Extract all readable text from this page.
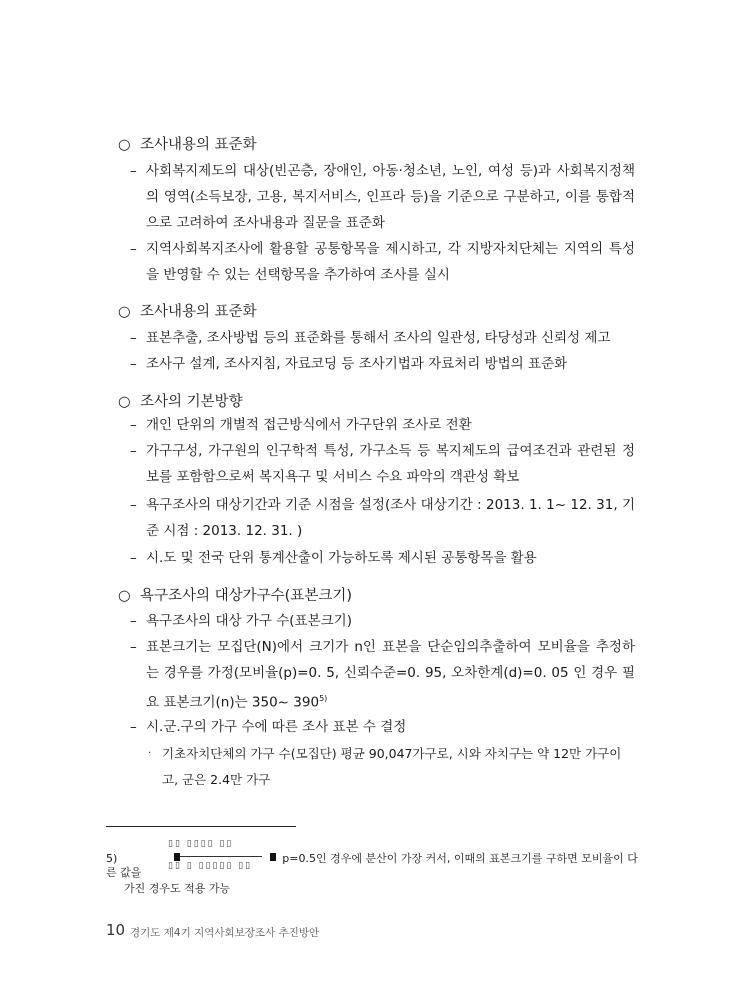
○ 조사내용의 표준화
– 사회복지제도의 대상(빈곤층, 장애인, 아동·청소년, 노인, 여성 등)과 사회복지정책의 영역(소득보장, 고용, 복지서비스, 인프라 등)을 기준으로 구분하고, 이를 통합적으로 고려하여 조사내용과 질문을 표준화
– 지역사회복지조사에 활용할 공통항목을 제시하고, 각 지방자치단체는 지역의 특성을 반영할 수 있는 선택항목을 추가하여 조사를 실시
○ 조사내용의 표준화
– 표본추출, 조사방법 등의 표준화를 통해서 조사의 일관성, 타당성과 신뢰성 제고
– 조사구 설계, 조사지침, 자료코딩 등 조사기법과 자료처리 방법의 표준화
○ 조사의 기본방향
– 개인 단위의 개별적 접근방식에서 가구단위 조사로 전환
– 가구구성, 가구원의 인구학적 특성, 가구소득 등 복지제도의 급여조건과 관련된 정보를 포함함으로써 복지욕구 및 서비스 수요 파악의 객관성 확보
– 욕구조사의 대상기간과 기준 시점을 설정(조사 대상기간 : 2013. 1. 1~ 12. 31, 기준 시점 : 2013. 12. 31. )
– 시.도 및 전국 단위 통계산출이 가능하도록 제시된 공통항목을 활용
○ 욕구조사의 대상가구수(표본크기)
– 욕구조사의 대상 가구 수(표본크기)
– 표본크기는 모집단(N)에서 크기가 n인 표본을 단순임의추출하여 모비율을 추정하는 경우를 가정(모비율(p)=0. 5, 신뢰수준=0. 95, 오차한계(d)=0. 05 인 경우 필요 표본크기(n)는 350~ 390$^{5)}$
– 시.군.구의 가구 수에 따른 조사 표본 수 결정
· 기초자치단체의 가구 수(모집단) 평균 90,047가구로, 시와 자치구는 약 12만 가구이고, 군은 2.4만 가구
5)	p=0.5인 경우에 분산이 가장 커서, 이때의 표본크기를 구하면 모비율이 다른 값을
▯▯ ▯▯▯▯ ▯▯
▯▯ ▯ ▯▯▯▯▯ ▯▯
가진 경우도 적용 가능
10 경기도 제4기 지역사회보장조사 추진방안
